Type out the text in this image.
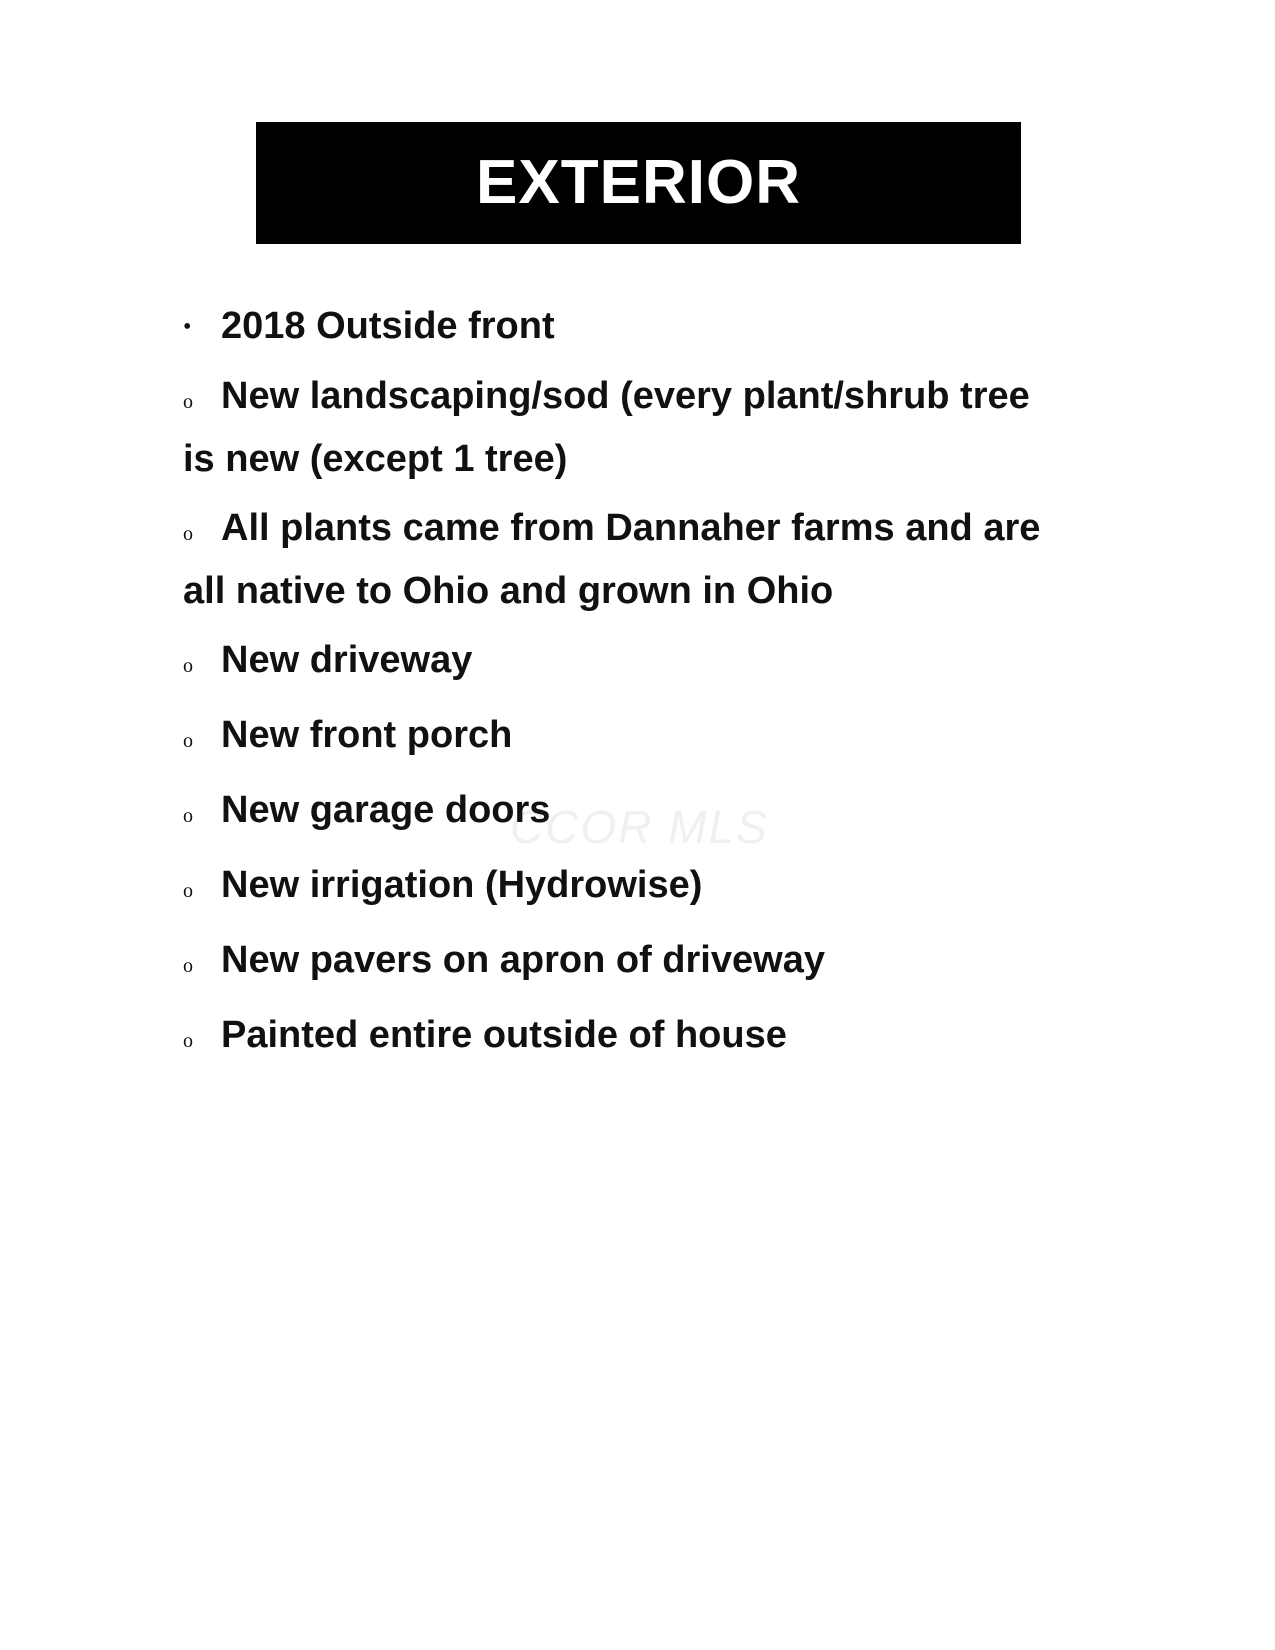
EXTERIOR
CCOR MLS
• 2018 Outside front
o New landscaping/sod (every plant/shrub tree is new (except 1 tree)
o All plants came from Dannaher farms and are all native to Ohio and grown in Ohio
o New driveway
o New front porch
o New garage doors
o New irrigation (Hydrowise)
o New pavers on apron of driveway
o Painted entire outside of house
